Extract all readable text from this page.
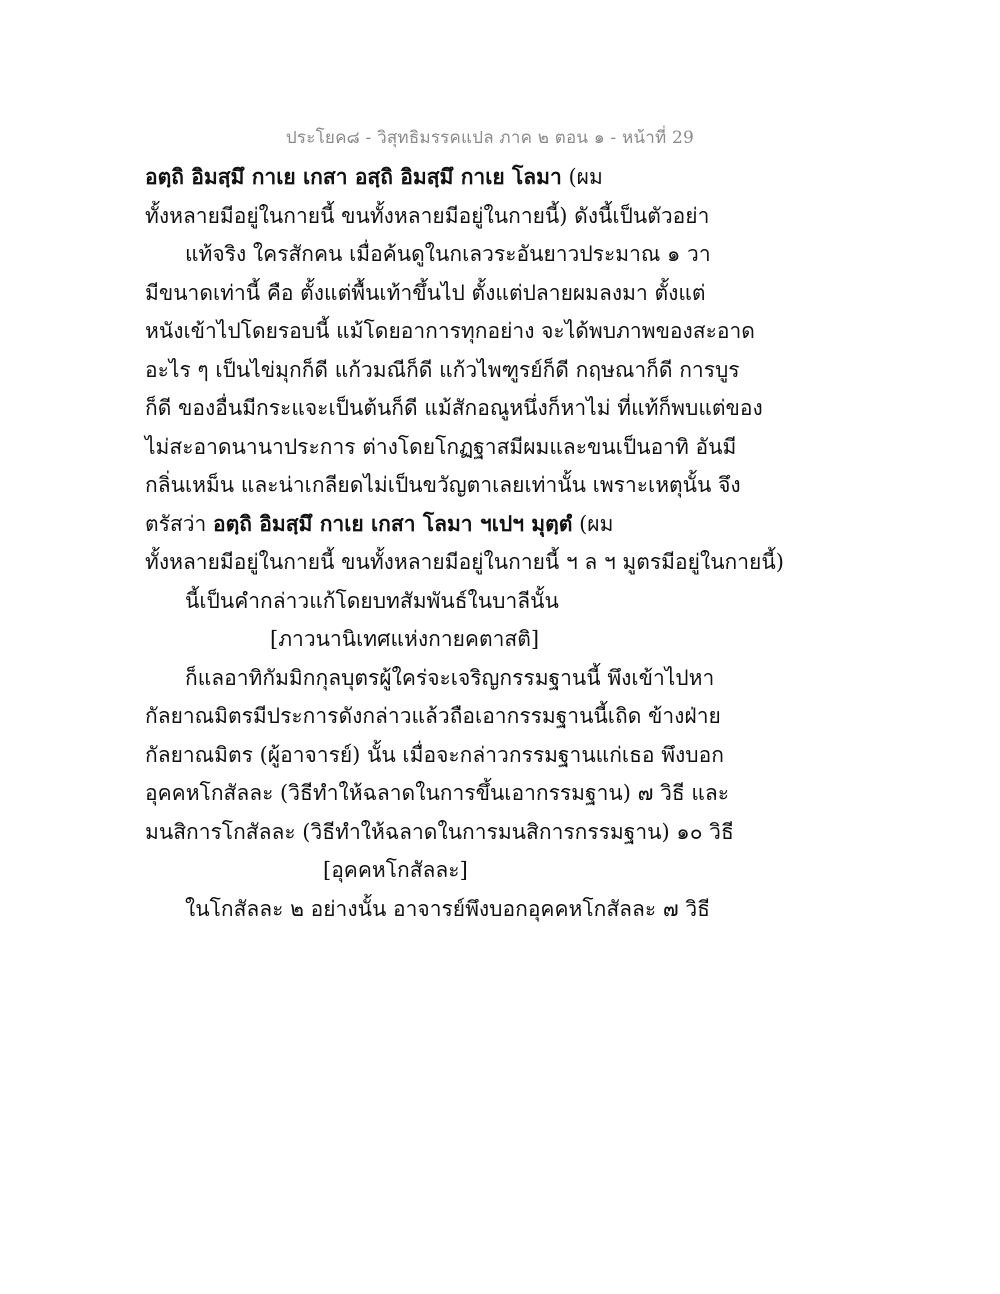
ประโยค๘ - วิสุทธิมรรคแปล ภาค ๒ ตอน ๑ - หน้าที่ 29
อตฺถิ อิมสฺมึ กาเย เกสา อสฺถิ อิมสฺมึ กาเย โลมา (ผม
ทั้งหลายมีอยู่ในกายนี้ ขนทั้งหลายมีอยู่ในกายนี้) ดังนี้เป็นตัวอย่า
แท้จริง ใครสักคน เมื่อค้นดูในกเลวระอันยาวประมาณ ๑ วา
มีขนาดเท่านี้ คือ ตั้งแต่พื้นเท้าขึ้นไป ตั้งแต่ปลายผมลงมา ตั้งแต่
หนังเข้าไปโดยรอบนี้ แม้โดยอาการทุกอย่าง จะได้พบภาพของสะอาด
อะไร ๆ เป็นไข่มุกก็ดี แก้วมณีก็ดี แก้วไพฑูรย์ก็ดี กฤษณาก็ดี การบูร
ก็ดี ของอื่นมีกระแจะเป็นต้นก็ดี แม้สักอณูหนึ่งก็หาไม่ ที่แท้ก็พบแต่ของ
ไม่สะอาดนานาประการ ต่างโดยโกฏฐาสมีผมและขนเป็นอาทิ อันมี
กลิ่นเหม็น และน่าเกลียดไม่เป็นขวัญตาเลยเท่านั้น เพราะเหตุนั้น จึง
ตรัสว่า อตฺถิ อิมสฺมึ กาเย เกสา โลมา ฯเปฯ มุตฺตํ (ผม
ทั้งหลายมีอยู่ในกายนี้ ขนทั้งหลายมีอยู่ในกายนี้ ฯ ล ฯ มูตรมีอยู่ในกายนี้)
นี้เป็นคำกล่าวแก้โดยบทสัมพันธ์ในบาลีนั้น
[ภาวนานิเทศแห่งกายคตาสติ]
ก็แลอาทิกัมมิกกุลบุตรผู้ใคร่จะเจริญกรรมฐานนี้ พึงเข้าไปหา
กัลยาณมิตรมีประการดังกล่าวแล้วถือเอากรรมฐานนี้เถิด ข้างฝ่าย
กัลยาณมิตร (ผู้อาจารย์) นั้น เมื่อจะกล่าวกรรมฐานแก่เธอ พึงบอก
อุคคหโกสัลละ (วิธีทำให้ฉลาดในการขึ้นเอากรรมฐาน) ๗ วิธี และ
มนสิการโกสัลละ (วิธีทำให้ฉลาดในการมนสิการกรรมฐาน) ๑๐ วิธี
[อุคคหโกสัลละ]
ในโกสัลละ ๒ อย่างนั้น อาจารย์พึงบอกอุคคหโกสัลละ ๗ วิธี
